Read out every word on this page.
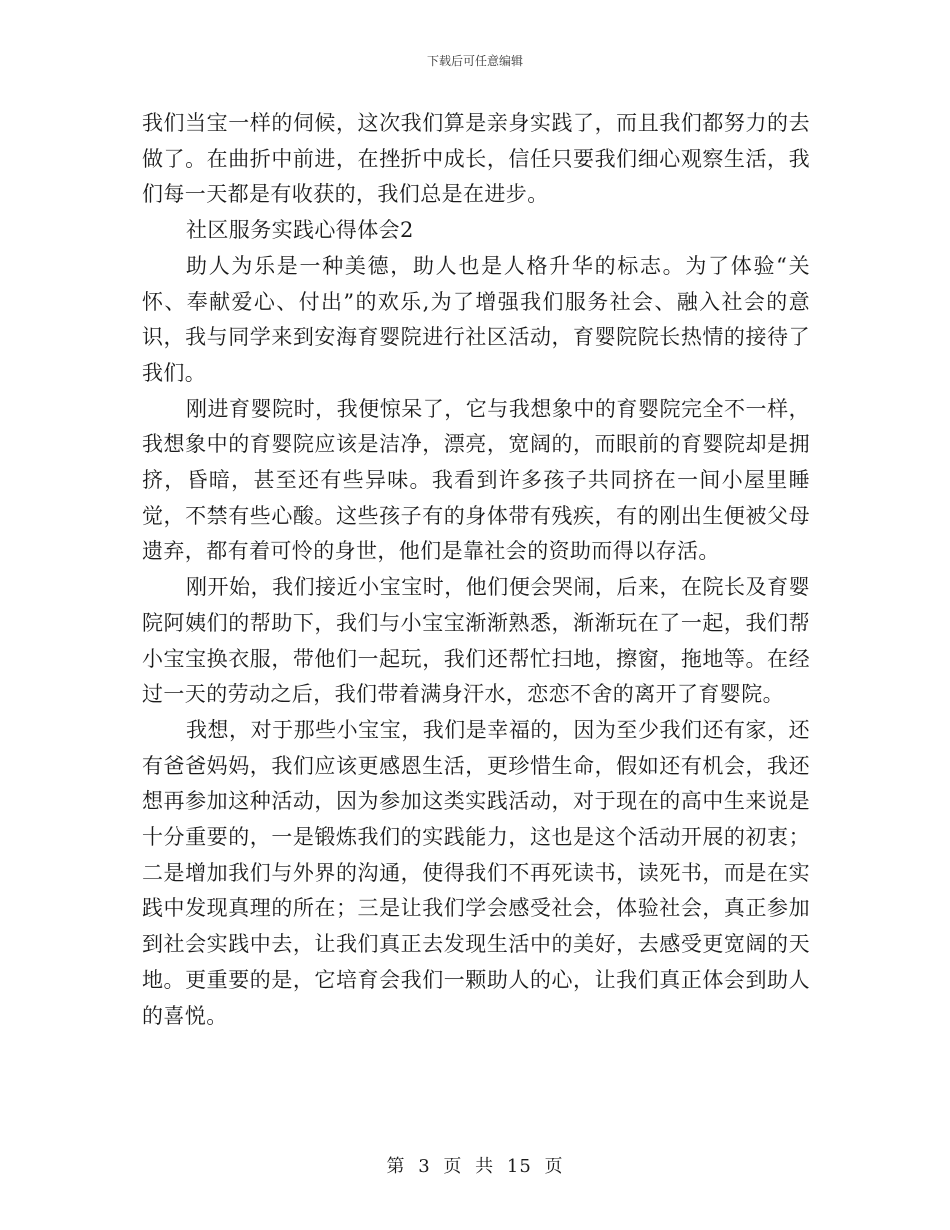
下载后可任意编辑

我们当宝一样的伺候，这次我们算是亲身实践了，而且我们都努力的去做了。在曲折中前进，在挫折中成长，信任只要我们细心观察生活，我们每一天都是有收获的，我们总是在进步。

社区服务实践心得体会2

助人为乐是一种美德，助人也是人格升华的标志。为了体验“关怀、奉献爱心、付出”的欢乐,为了增强我们服务社会、融入社会的意识，我与同学来到安海育婴院进行社区活动，育婴院院长热情的接待了我们。

刚进育婴院时，我便惊呆了，它与我想象中的育婴院完全不一样，我想象中的育婴院应该是洁净，漂亮，宽阔的，而眼前的育婴院却是拥挤，昏暗，甚至还有些异味。我看到许多孩子共同挤在一间小屋里睡觉，不禁有些心酸。这些孩子有的身体带有残疾，有的刚出生便被父母遗弃，都有着可怜的身世，他们是靠社会的资助而得以存活。

刚开始，我们接近小宝宝时，他们便会哭闹，后来，在院长及育婴院阿姨们的帮助下，我们与小宝宝渐渐熟悉，渐渐玩在了一起，我们帮小宝宝换衣服，带他们一起玩，我们还帮忙扫地，擦窗，拖地等。在经过一天的劳动之后，我们带着满身汗水，恋恋不舍的离开了育婴院。

我想，对于那些小宝宝，我们是幸福的，因为至少我们还有家，还有爸爸妈妈，我们应该更感恩生活，更珍惜生命，假如还有机会，我还想再参加这种活动，因为参加这类实践活动，对于现在的高中生来说是十分重要的，一是锻炼我们的实践能力，这也是这个活动开展的初衷；二是增加我们与外界的沟通，使得我们不再死读书，读死书，而是在实践中发现真理的所在；三是让我们学会感受社会，体验社会，真正参加到社会实践中去，让我们真正去发现生活中的美好，去感受更宽阔的天地。更重要的是，它培育会我们一颗助人的心，让我们真正体会到助人的喜悦。

第 3 页 共 15 页
